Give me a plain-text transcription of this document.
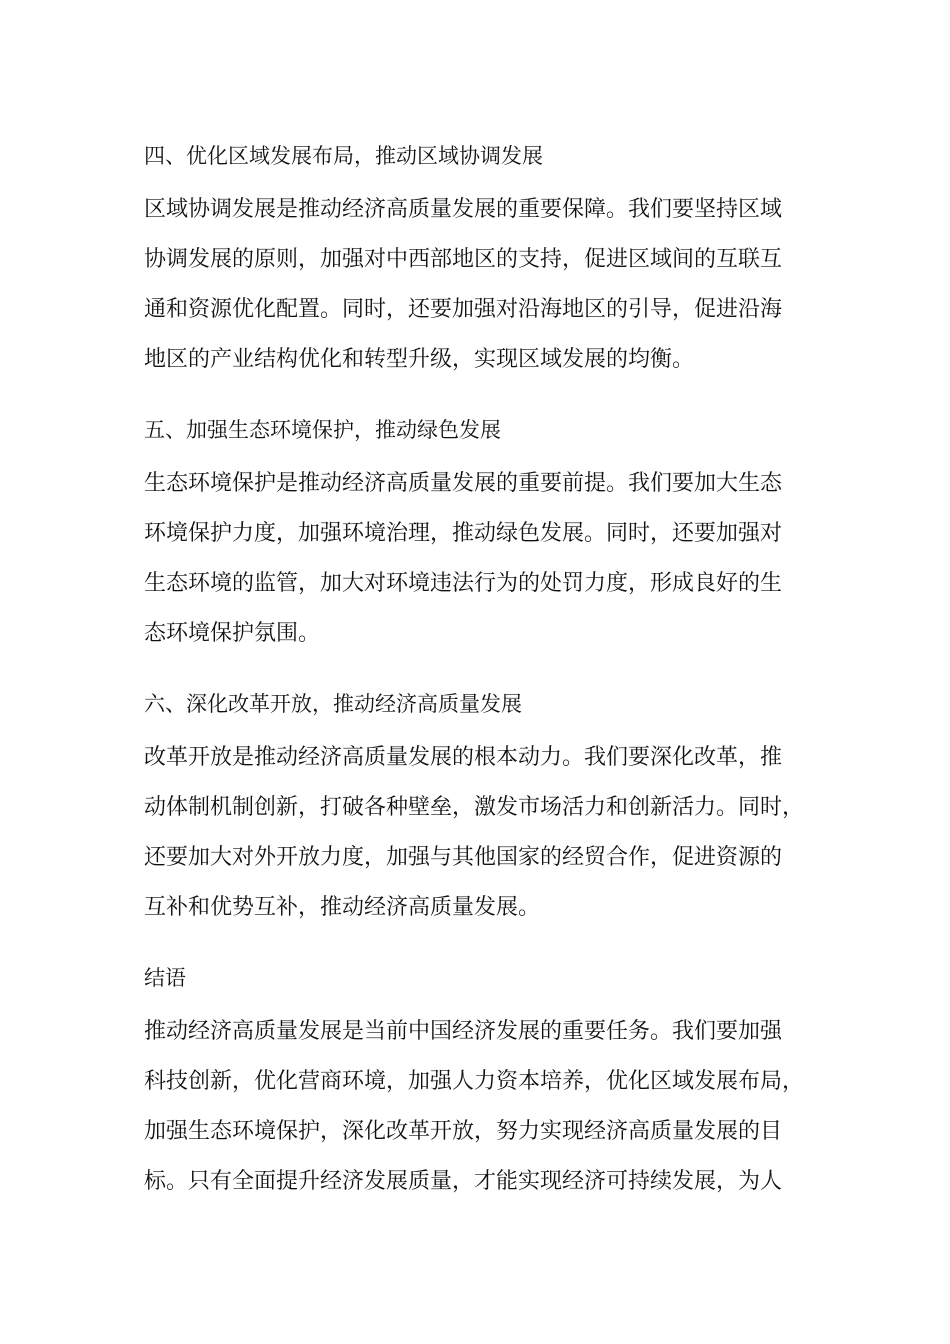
四、优化区域发展布局，推动区域协调发展

区域协调发展是推动经济高质量发展的重要保障。我们要坚持区域
协调发展的原则，加强对中西部地区的支持，促进区域间的互联互
通和资源优化配置。同时，还要加强对沿海地区的引导，促进沿海
地区的产业结构优化和转型升级，实现区域发展的均衡。

五、加强生态环境保护，推动绿色发展

生态环境保护是推动经济高质量发展的重要前提。我们要加大生态
环境保护力度，加强环境治理，推动绿色发展。同时，还要加强对
生态环境的监管，加大对环境违法行为的处罚力度，形成良好的生
态环境保护氛围。

六、深化改革开放，推动经济高质量发展

改革开放是推动经济高质量发展的根本动力。我们要深化改革，推
动体制机制创新，打破各种壁垒，激发市场活力和创新活力。同时，
还要加大对外开放力度，加强与其他国家的经贸合作，促进资源的
互补和优势互补，推动经济高质量发展。

结语

推动经济高质量发展是当前中国经济发展的重要任务。我们要加强
科技创新，优化营商环境，加强人力资本培养，优化区域发展布局，
加强生态环境保护，深化改革开放，努力实现经济高质量发展的目
标。只有全面提升经济发展质量，才能实现经济可持续发展，为人
